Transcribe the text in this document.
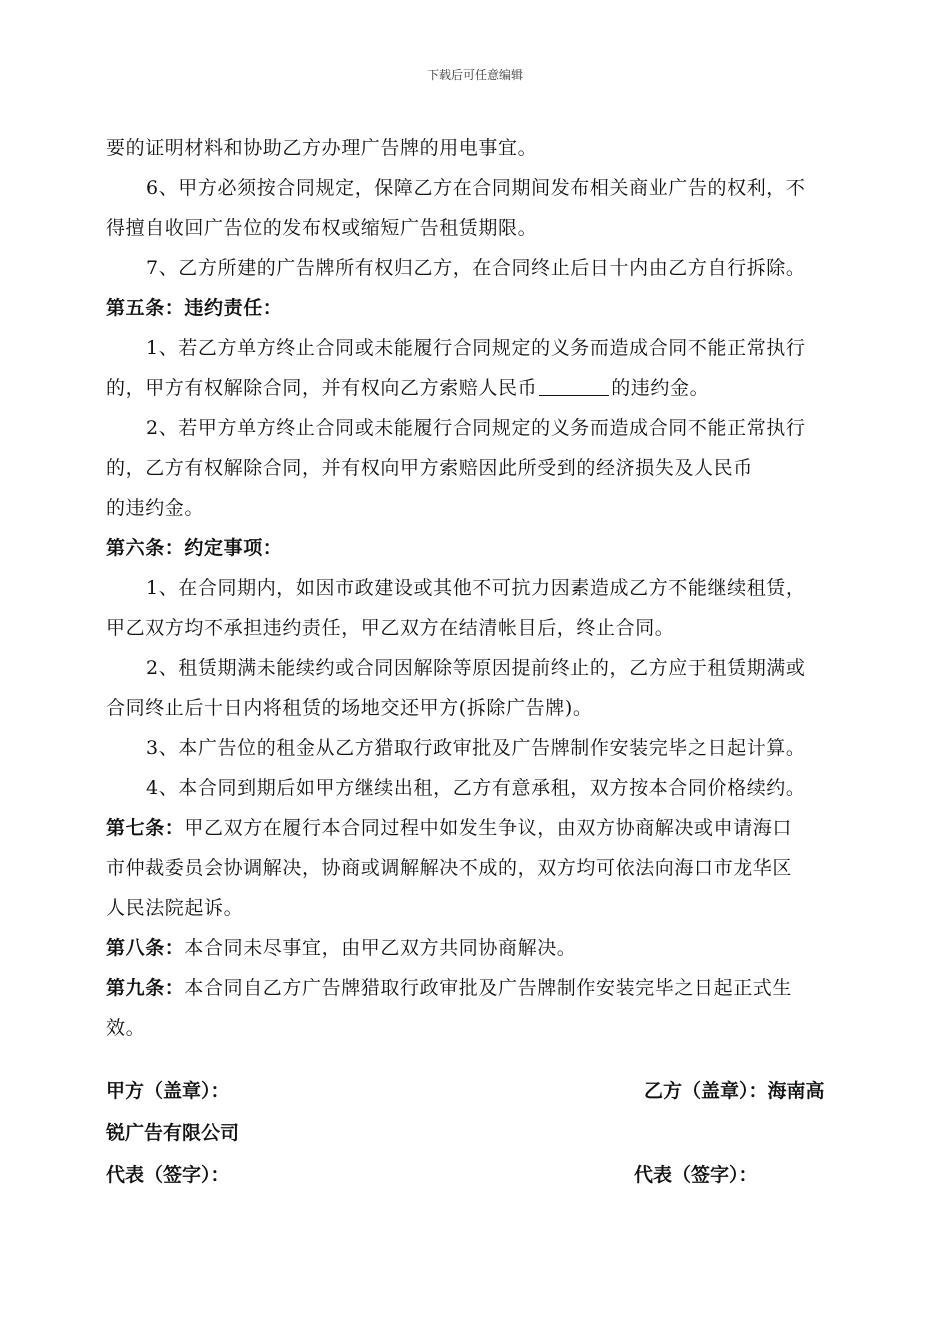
下载后可任意编辑
要的证明材料和协助乙方办理广告牌的用电事宜。
6、甲方必须按合同规定，保障乙方在合同期间发布相关商业广告的权利，不
得擅自收回广告位的发布权或缩短广告租赁期限。
7、乙方所建的广告牌所有权归乙方，在合同终止后日十内由乙方自行拆除。
第五条：违约责任：
1、若乙方单方终止合同或未能履行合同规定的义务而造成合同不能正常执行
的，甲方有权解除合同，并有权向乙方索赔人民币	的违约金。
2、若甲方单方终止合同或未能履行合同规定的义务而造成合同不能正常执行
的，乙方有权解除合同，并有权向甲方索赔因此所受到的经济损失及人民币
的违约金。
第六条：约定事项：
1、在合同期内，如因市政建设或其他不可抗力因素造成乙方不能继续租赁，
甲乙双方均不承担违约责任，甲乙双方在结清帐目后，终止合同。
2、租赁期满未能续约或合同因解除等原因提前终止的，乙方应于租赁期满或
合同终止后十日内将租赁的场地交还甲方(拆除广告牌)。
3、本广告位的租金从乙方猎取行政审批及广告牌制作安装完毕之日起计算。
4、本合同到期后如甲方继续出租，乙方有意承租，双方按本合同价格续约。
第七条：甲乙双方在履行本合同过程中如发生争议，由双方协商解决或申请海口
市仲裁委员会协调解决，协商或调解解决不成的，双方均可依法向海口市龙华区
人民法院起诉。
第八条：本合同未尽事宜，由甲乙双方共同协商解决。
第九条：本合同自乙方广告牌猎取行政审批及广告牌制作安装完毕之日起正式生
效。
甲方（盖章）：	乙方（盖章）：海南高
锐广告有限公司
代表（签字）：	代表（签字）：
